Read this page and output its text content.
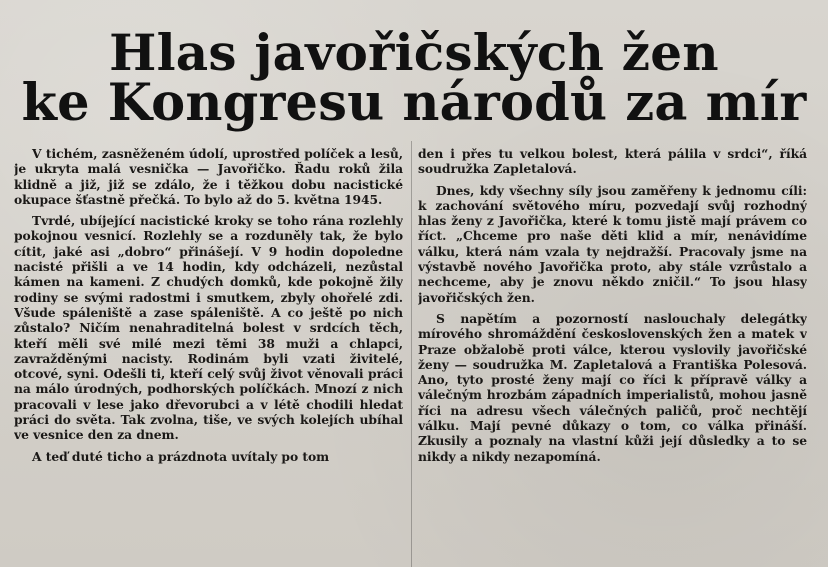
Hlas javořičských žen
ke Kongresu národů za mír

V tichém, zasněženém údolí, uprostřed políček a lesů, je ukryta malá vesnička — Javořičko. Řadu roků žila klidně a již, již se zdálo, že i těžkou dobu nacistické okupace šťastně přečká. To bylo až do 5. května 1945.

Tvrdé, ubíjející nacistické kroky se toho rána rozlehly pokojnou vesnicí. Rozlehly se a rozduněly tak, že bylo cítit, jaké asi „dobro“ přinášejí. V 9 hodin dopoledne nacisté přišli a ve 14 hodin, kdy odcházeli, nezůstal kámen na kameni. Z chudých domků, kde pokojně žily rodiny se svými radostmi i smutkem, zbyly ohořelé zdi. Všude spáleniště a zase spáleniště. A co ještě po nich zůstalo? Ničím nenahraditelná bolest v srdcích těch, kteří měli své milé mezi těmi 38 muži a chlapci, zavražděnými nacisty. Rodinám byli vzati živitelé, otcové, syni. Odešli ti, kteří celý svůj život věnovali práci na málo úrodných, podhorských políčkách. Mnozí z nich pracovali v lese jako dřevorubci a v létě chodili hledat práci do světa. Tak zvolna, tiše, ve svých kolejích ubíhal ve vesnice den za dnem.

A teď duté ticho a prázdnota uvítaly po tom

den i přes tu velkou bolest, která pálila v srdci“, říká soudružka Zapletalová.

Dnes, kdy všechny síly jsou zaměřeny k jednomu cíli: k zachování světového míru, pozvedají svůj rozhodný hlas ženy z Javořička, které k tomu jistě mají právem co říct. „Chceme pro naše děti klid a mír, nenávidíme válku, která nám vzala ty nejdražší. Pracovaly jsme na výstavbě nového Javořička proto, aby stále vzrůstalo a nechceme, aby je znovu někdo zničil.“ To jsou hlasy javořičských žen.

S napětím a pozorností naslouchaly delegátky mírového shromáždění československých žen a matek v Praze obžalobě proti válce, kterou vyslovily javořičské ženy — soudružka M. Zapletalová a Františka Polesová. Ano, tyto prosté ženy mají co říci k přípravě války a válečným hrozbám západních imperialistů, mohou jasně říci na adresu všech válečných paličů, proč nechtějí válku. Mají pevné důkazy o tom, co válka přináší. Zkusily a poznaly na vlastní kůži její důsledky a to se nikdy a nikdy nezapomíná.
